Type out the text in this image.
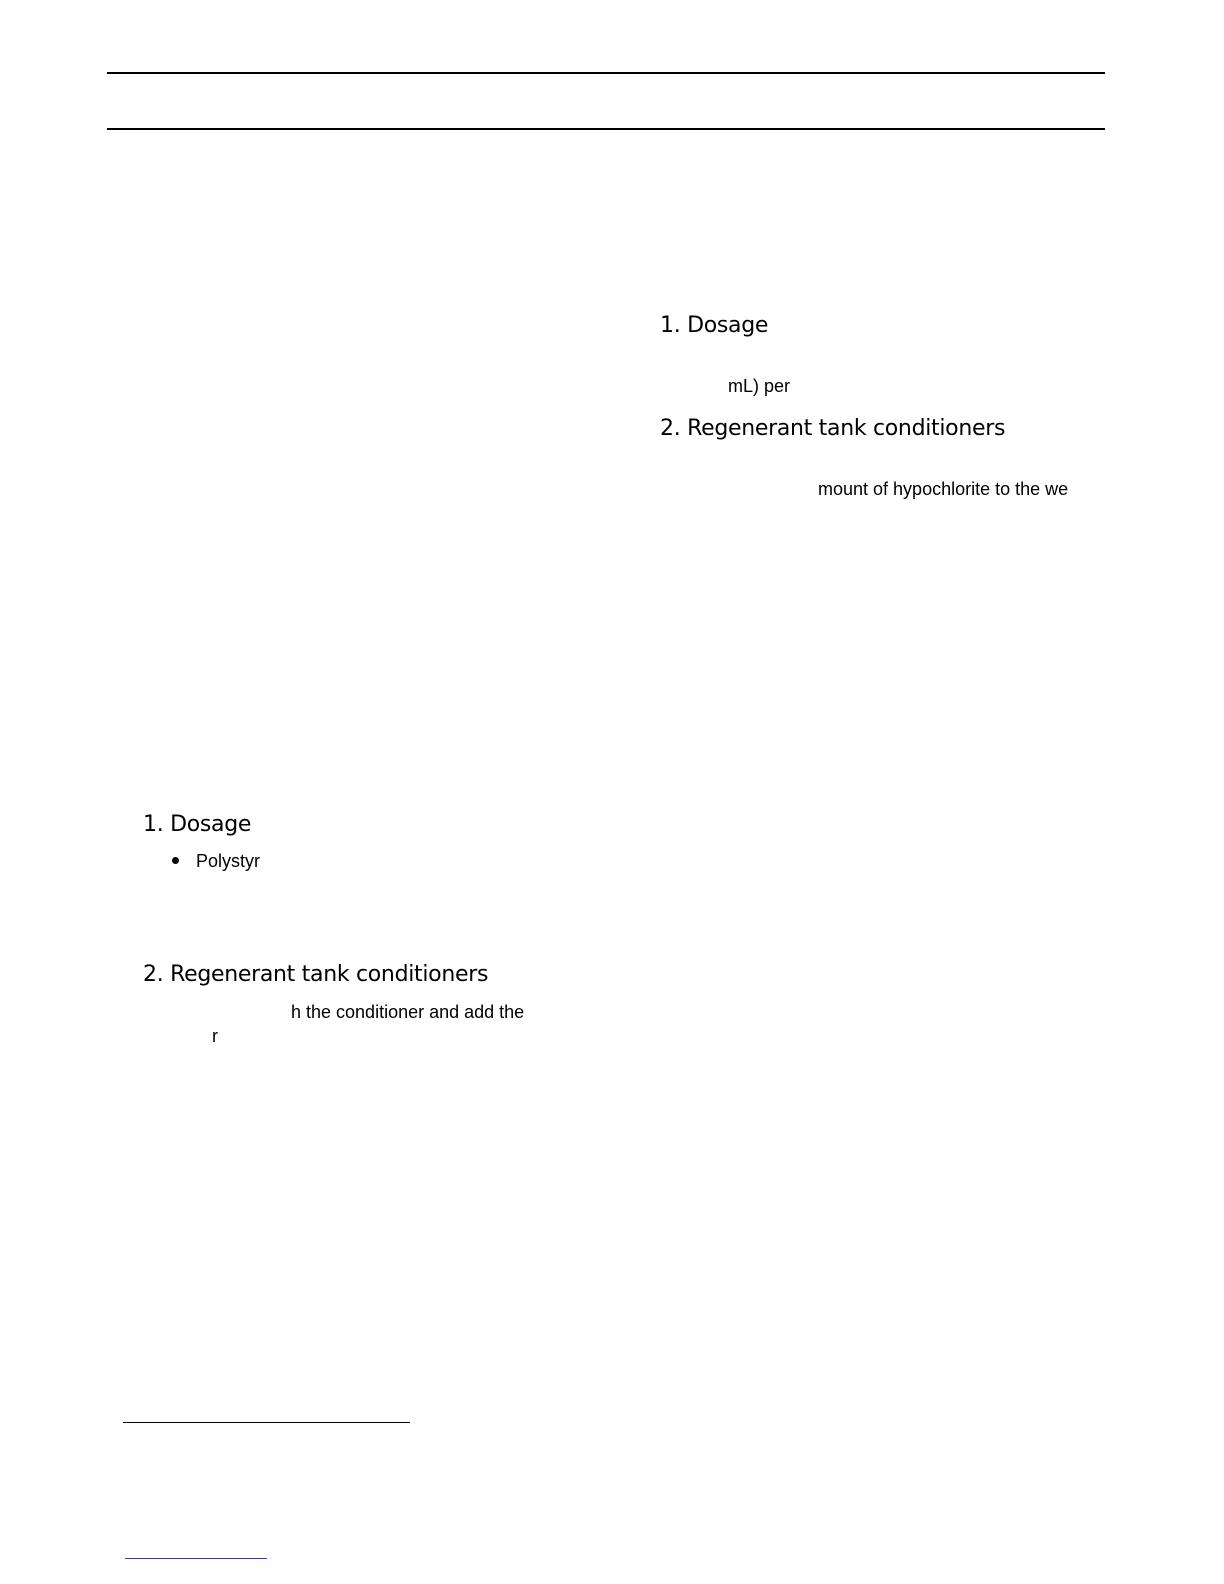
1. Dosage
mL) per
2. Regenerant tank conditioners
mount of hypochlorite to the we
1. Dosage
Polystyr
2. Regenerant tank conditioners
h the conditioner and add the
r
